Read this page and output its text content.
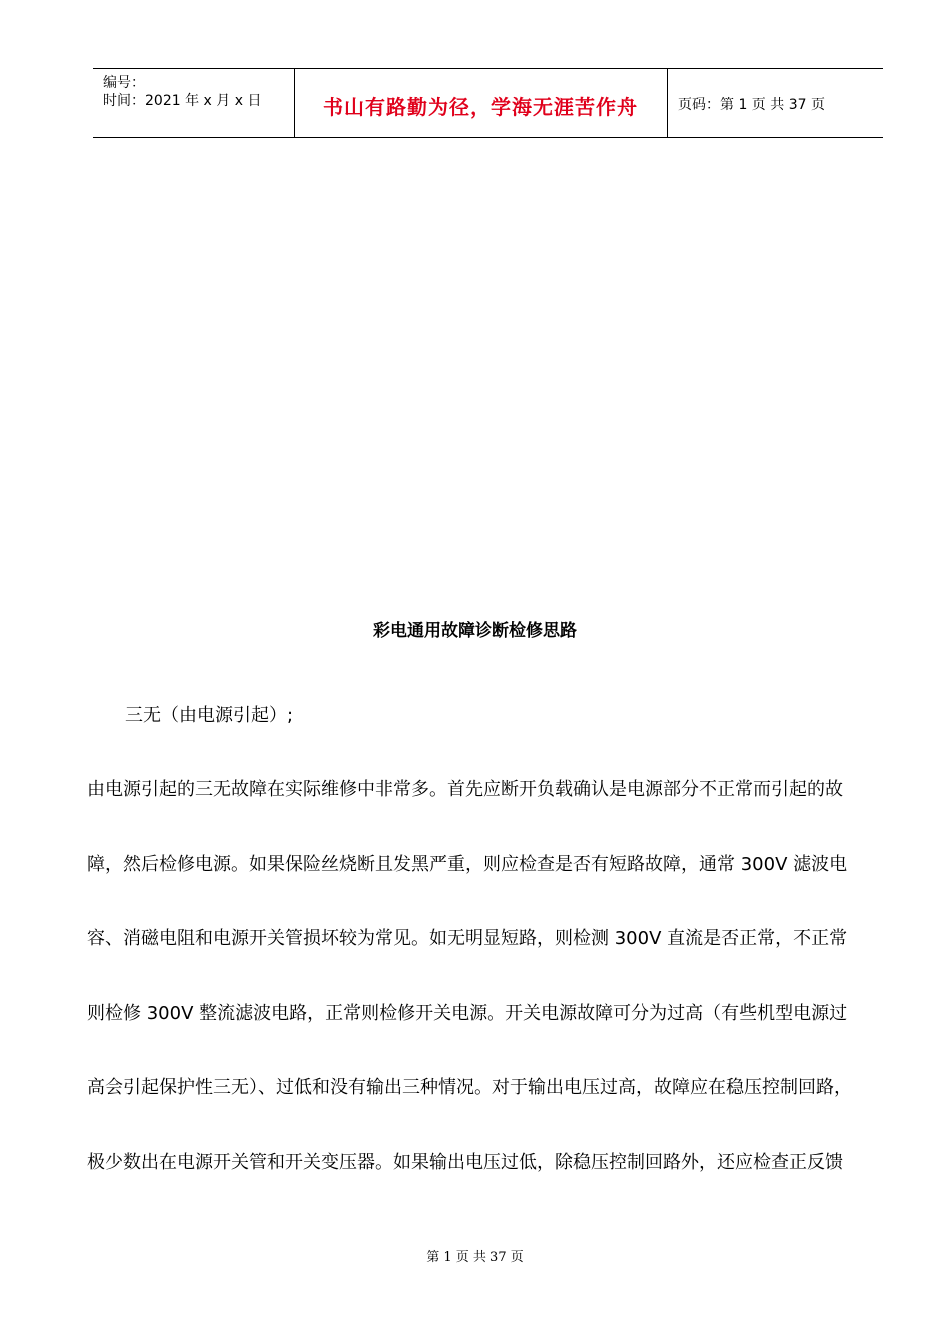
编号：
时间：2021 年 x 月 x 日	书山有路勤为径，学海无涯苦作舟	页码：第 1 页 共 37 页
彩电通用故障诊断检修思路
三无（由电源引起）;
由电源引起的三无故障在实际维修中非常多。首先应断开负载确认是电源部分不正常而引起的故
障，然后检修电源。如果保险丝烧断且发黑严重，则应检查是否有短路故障，通常 300V 滤波电
容、消磁电阻和电源开关管损坏较为常见。如无明显短路，则检测 300V 直流是否正常，不正常
则检修 300V 整流滤波电路，正常则检修开关电源。开关电源故障可分为过高（有些机型电源过
高会引起保护性三无）、过低和没有输出三种情况。对于输出电压过高，故障应在稳压控制回路，
极少数出在电源开关管和开关变压器。如果输出电压过低，除稳压控制回路外，还应检查正反馈
第 1 页 共 37 页
